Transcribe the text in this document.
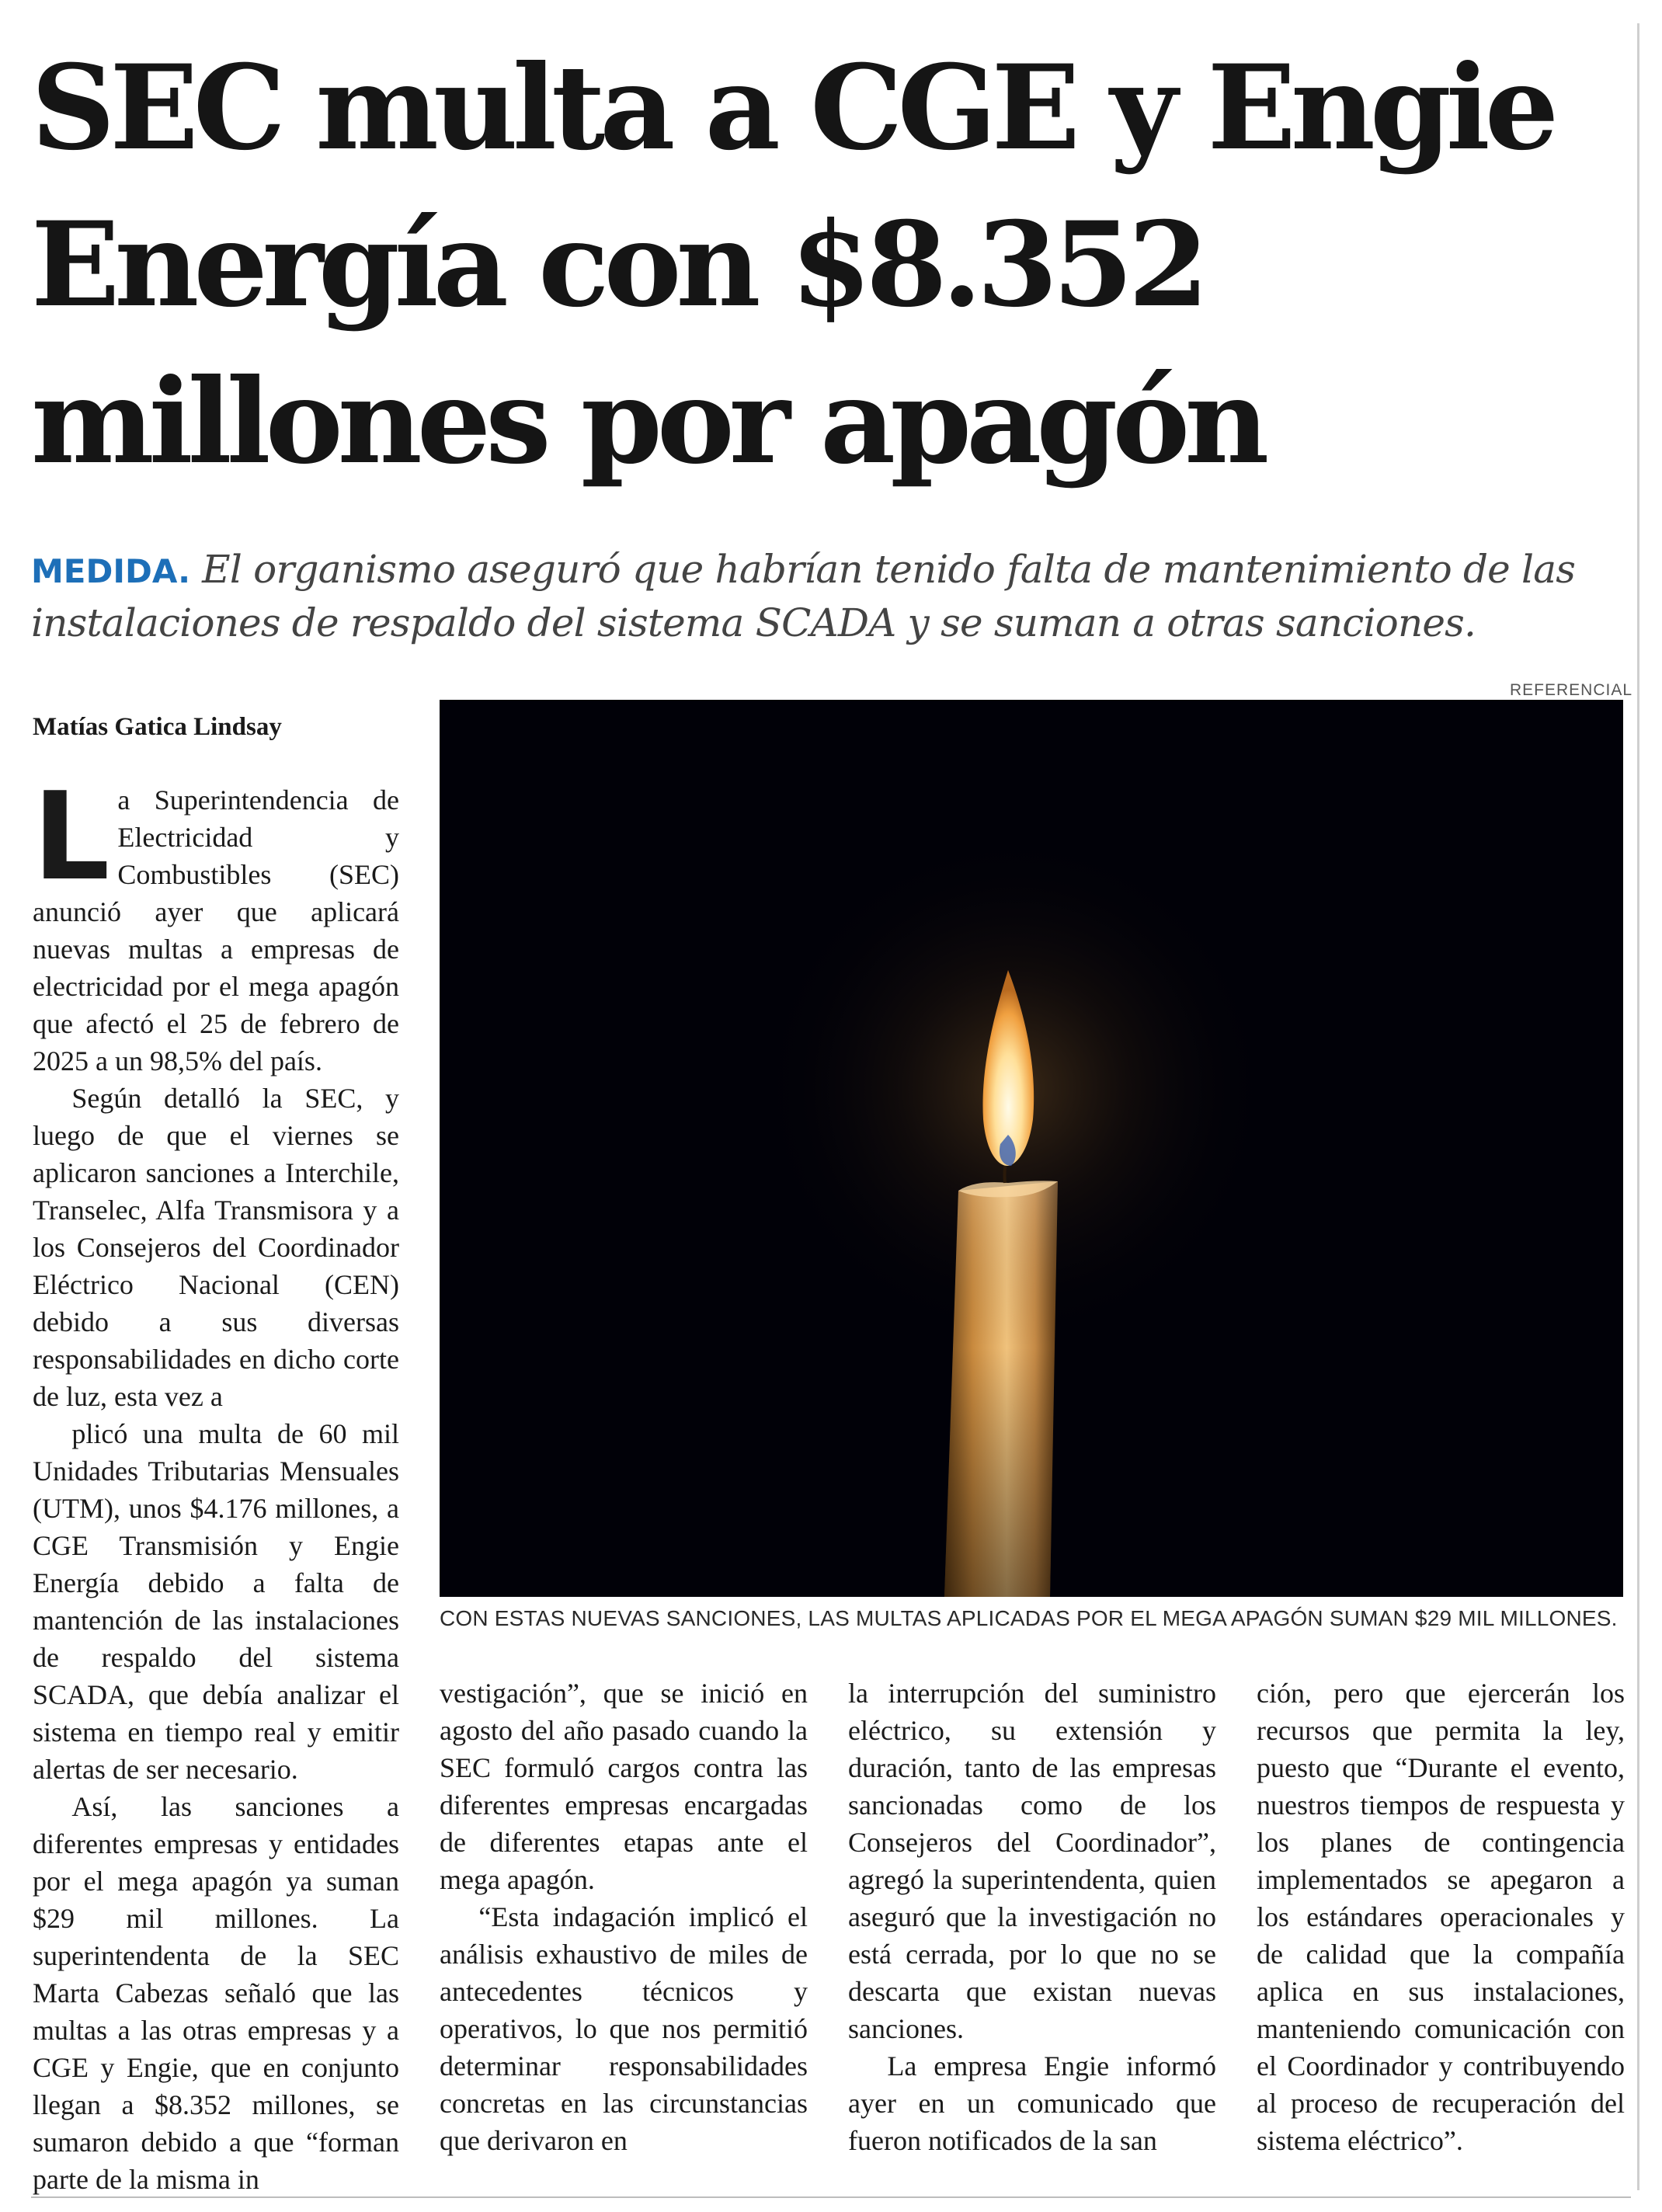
SEC multa a CGE y Engie Energía con $8.352 millones por apagón

MEDIDA. El organismo aseguró que habrían tenido falta de mantenimiento de las instalaciones de respaldo del sistema SCADA y se suman a otras sanciones.

REFERENCIAL
Matías Gatica Lindsay
CON ESTAS NUEVAS SANCIONES, LAS MULTAS APLICADAS POR EL MEGA APAGÓN SUMAN $29 MIL MILLONES.

La Superintendencia de Electricidad y Combustibles (SEC) anunció ayer que aplicará nuevas multas a empresas de electricidad por el mega apagón que afectó el 25 de febrero de 2025 a un 98,5% del país.

Según detalló la SEC, y luego de que el viernes se aplicaron sanciones a Interchile, Transelec, Alfa Transmisora y a los Consejeros del Coordinador Eléctrico Nacional (CEN) debido a sus diversas responsabilidades en dicho corte de luz, esta vez a

plicó una multa de 60 mil Unidades Tributarias Mensuales (UTM), unos $4.176 millones, a CGE Transmisión y Engie Energía debido a falta de mantención de las instalaciones de respaldo del sistema SCADA, que debía analizar el sistema en tiempo real y emitir alertas de ser necesario.

Así, las sanciones a diferentes empresas y entidades por el mega apagón ya suman $29 mil millones. La superintendenta de la SEC Marta Cabezas señaló que las multas a las otras empresas y a CGE y Engie, que en conjunto llegan a $8.352 millones, se sumaron debido a que “forman parte de la misma in

vestigación”, que se inició en agosto del año pasado cuando la SEC formuló cargos contra las diferentes empresas encargadas de diferentes etapas ante el mega apagón.

“Esta indagación implicó el análisis exhaustivo de miles de antecedentes técnicos y operativos, lo que nos permitió determinar responsabilidades concretas en las circunstancias que derivaron en

la interrupción del suministro eléctrico, su extensión y duración, tanto de las empresas sancionadas como de los Consejeros del Coordinador”, agregó la superintendenta, quien aseguró que la investigación no está cerrada, por lo que no se descarta que existan nuevas sanciones.

La empresa Engie informó ayer en un comunicado que fueron notificados de la san

ción, pero que ejercerán los recursos que permita la ley, puesto que “Durante el evento, nuestros tiempos de respuesta y los planes de contingencia implementados se apegaron a los estándares operacionales y de calidad que la compañía aplica en sus instalaciones, manteniendo comunicación con el Coordinador y contribuyendo al proceso de recuperación del sistema eléctrico”.
